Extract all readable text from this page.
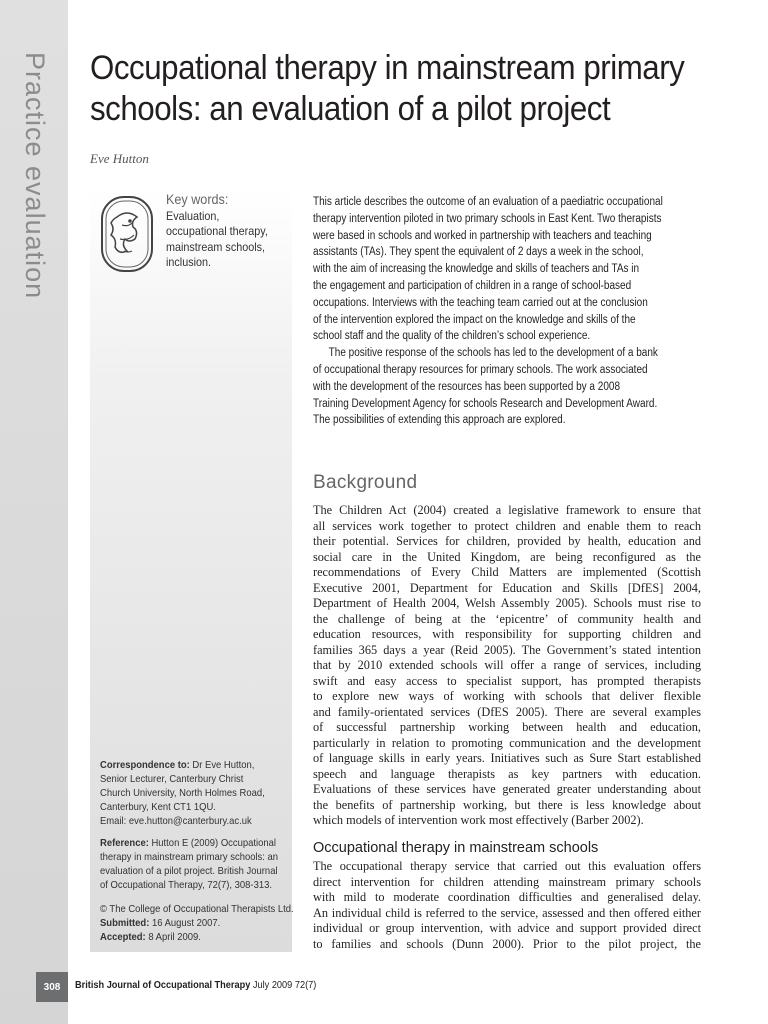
Practice evaluation Occupational therapy in mainstream primary
schools: an evaluation of a pilot project
Eve Hutton
Key words:
Evaluation,
occupational therapy,
mainstream schools,
inclusion.

This article describes the outcome of an evaluation of a paediatric occupational
therapy intervention piloted in two primary schools in East Kent. Two therapists
were based in schools and worked in partnership with teachers and teaching
assistants (TAs). They spent the equivalent of 2 days a week in the school,
with the aim of increasing the knowledge and skills of teachers and TAs in
the engagement and participation of children in a range of school-based
occupations. Interviews with the teaching team carried out at the conclusion
of the intervention explored the impact on the knowledge and skills of the
school staff and the quality of the children’s school experience.

The positive response of the schools has led to the development of a bank
of occupational therapy resources for primary schools. The work associated
with the development of the resources has been supported by a 2008
Training Development Agency for schools Research and Development Award.
The possibilities of extending this approach are explored.

Background
The Children Act (2004) created a legislative framework to ensure that
all services work together to protect children and enable them to reach
their potential. Services for children, provided by health, education and
social care in the United Kingdom, are being reconfigured as the
recommendations of Every Child Matters are implemented (Scottish
Executive 2001, Department for Education and Skills [DfES] 2004,
Department of Health 2004, Welsh Assembly 2005). Schools must rise to
the challenge of being at the ‘epicentre’ of community health and
education resources, with responsibility for supporting children and
families 365 days a year (Reid 2005). The Government’s stated intention
that by 2010 extended schools will offer a range of services, including
swift and easy access to specialist support, has prompted therapists
to explore new ways of working with schools that deliver flexible
and family-orientated services (DfES 2005). There are several examples
of successful partnership working between health and education,
particularly in relation to promoting communication and the development
of language skills in early years. Initiatives such as Sure Start established
speech and language therapists as key partners with education.
Evaluations of these services have generated greater understanding about
the benefits of partnership working, but there is less knowledge about
which models of intervention work most effectively (Barber 2002).
Occupational therapy in mainstream schools
The occupational therapy service that carried out this evaluation offers
direct intervention for children attending mainstream primary schools
with mild to moderate coordination difficulties and generalised delay.
An individual child is referred to the service, assessed and then offered either
individual or group intervention, with advice and support provided direct
to families and schools (Dunn 2000). Prior to the pilot project, the
Correspondence to: Dr Eve Hutton,
Senior Lecturer, Canterbury Christ
Church University, North Holmes Road,
Canterbury, Kent CT1 1QU.
Email: eve.hutton@canterbury.ac.uk
Reference: Hutton E (2009) Occupational
therapy in mainstream primary schools: an
evaluation of a pilot project. British Journal
of Occupational Therapy, 72(7), 308-313.
© The College of Occupational Therapists Ltd.
Submitted: 16 August 2007.
Accepted: 8 April 2009.
308	British Journal of Occupational Therapy July 2009 72(7)
